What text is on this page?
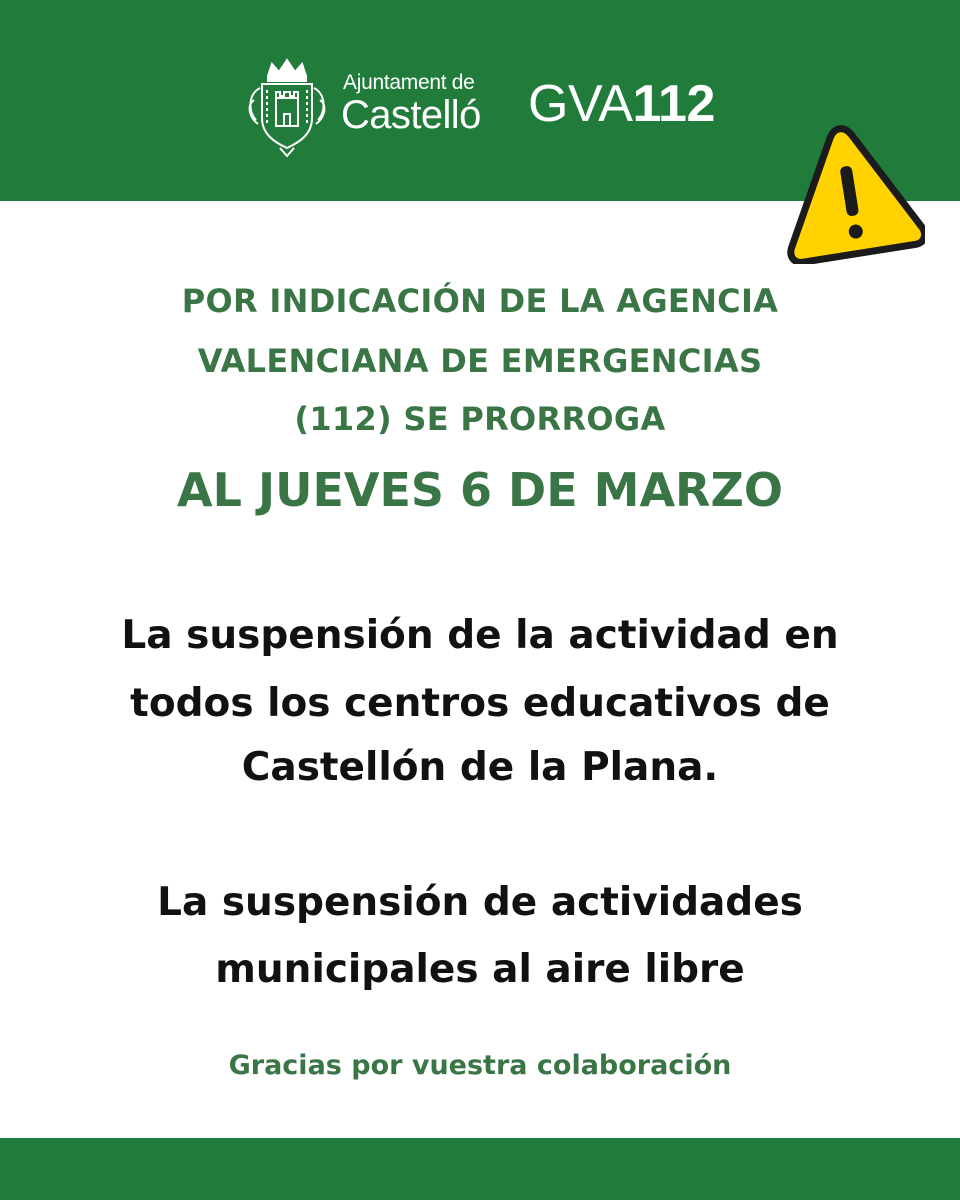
Ajuntament de
Castelló GVA112
POR INDICACIÓN DE LA AGENCIA
VALENCIANA DE EMERGENCIAS
(112) SE PRORROGA
AL JUEVES 6 DE MARZO
La suspensión de la actividad en
todos los centros educativos de
Castellón de la Plana.
La suspensión de actividades
municipales al aire libre
Gracias por vuestra colaboración
